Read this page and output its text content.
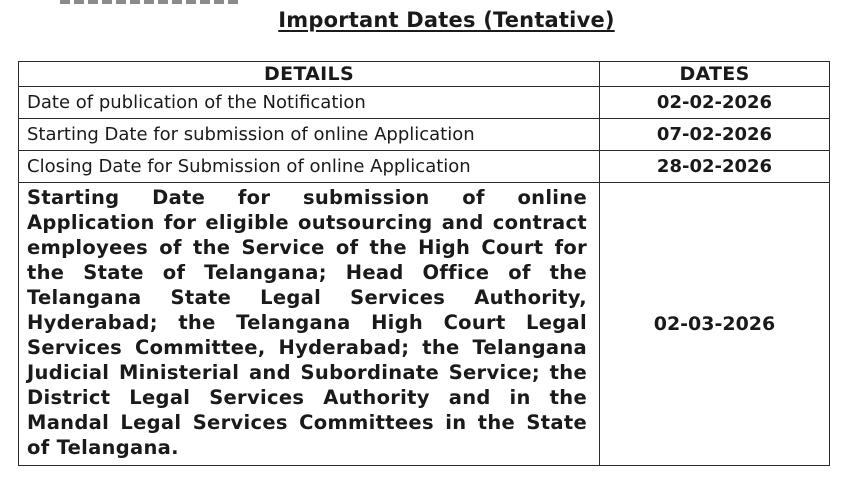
Important Dates (Tentative)
DETAILS	DATES
Date of publication of the Notification	02-02-2026
Starting Date for submission of online Application	07-02-2026
Closing Date for Submission of online Application	28-02-2026
Starting Date for submission of online Application for eligible outsourcing and contract employees of the Service of the High Court for the State of Telangana; Head Office of the Telangana State Legal Services Authority, Hyderabad; the Telangana High Court Legal Services Committee, Hyderabad; the Telangana Judicial Ministerial and Subordinate Service; the District Legal Services Authority and in the Mandal Legal Services Committees in the State of Telangana.	02-03-2026
